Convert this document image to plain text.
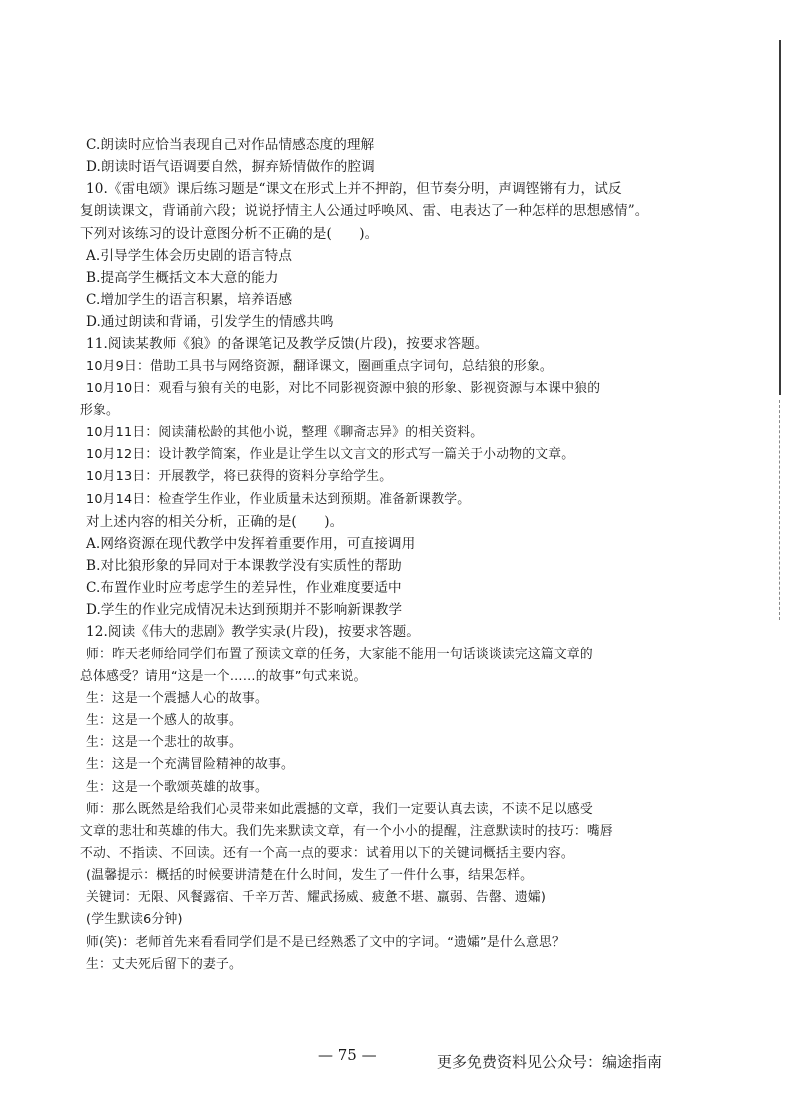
C.朗读时应恰当表现自己对作品情感态度的理解
D.朗读时语气语调要自然，摒弃矫情做作的腔调
10.《雷电颂》课后练习题是“课文在形式上并不押韵，但节奏分明，声调铿锵有力，试反
复朗读课文，背诵前六段；说说抒情主人公通过呼唤风、雷、电表达了一种怎样的思想感情”。
下列对该练习的设计意图分析不正确的是(　　)。
A.引导学生体会历史剧的语言特点
B.提高学生概括文本大意的能力
C.增加学生的语言积累，培养语感
D.通过朗读和背诵，引发学生的情感共鸣
11.阅读某教师《狼》的备课笔记及教学反馈(片段)，按要求答题。
10月9日：借助工具书与网络资源，翻译课文，圈画重点字词句，总结狼的形象。
10月10日：观看与狼有关的电影，对比不同影视资源中狼的形象、影视资源与本课中狼的
形象。
10月11日：阅读蒲松龄的其他小说，整理《聊斋志异》的相关资料。
10月12日：设计教学简案，作业是让学生以文言文的形式写一篇关于小动物的文章。
10月13日：开展教学，将已获得的资料分享给学生。
10月14日：检查学生作业，作业质量未达到预期。准备新课教学。
对上述内容的相关分析，正确的是(　　)。
A.网络资源在现代教学中发挥着重要作用，可直接调用
B.对比狼形象的异同对于本课教学没有实质性的帮助
C.布置作业时应考虑学生的差异性，作业难度要适中
D.学生的作业完成情况未达到预期并不影响新课教学
12.阅读《伟大的悲剧》教学实录(片段)，按要求答题。
师：昨天老师给同学们布置了预读文章的任务，大家能不能用一句话谈谈读完这篇文章的
总体感受？请用“这是一个……的故事”句式来说。
生：这是一个震撼人心的故事。
生：这是一个感人的故事。
生：这是一个悲壮的故事。
生：这是一个充满冒险精神的故事。
生：这是一个歌颂英雄的故事。
师：那么既然是给我们心灵带来如此震撼的文章，我们一定要认真去读，不读不足以感受
文章的悲壮和英雄的伟大。我们先来默读文章，有一个小小的提醒，注意默读时的技巧：嘴唇
不动、不指读、不回读。还有一个高一点的要求：试着用以下的关键词概括主要内容。
(温馨提示：概括的时候要讲清楚在什么时间，发生了一件什么事，结果怎样。
关键词：无限、风餐露宿、千辛万苦、耀武扬威、疲惫不堪、羸弱、告罄、遗孀)
(学生默读6分钟)
师(笑)：老师首先来看看同学们是不是已经熟悉了文中的字词。“遗孀”是什么意思？
生：丈夫死后留下的妻子。
— 75 —	更多免费资料见公众号：编途指南
